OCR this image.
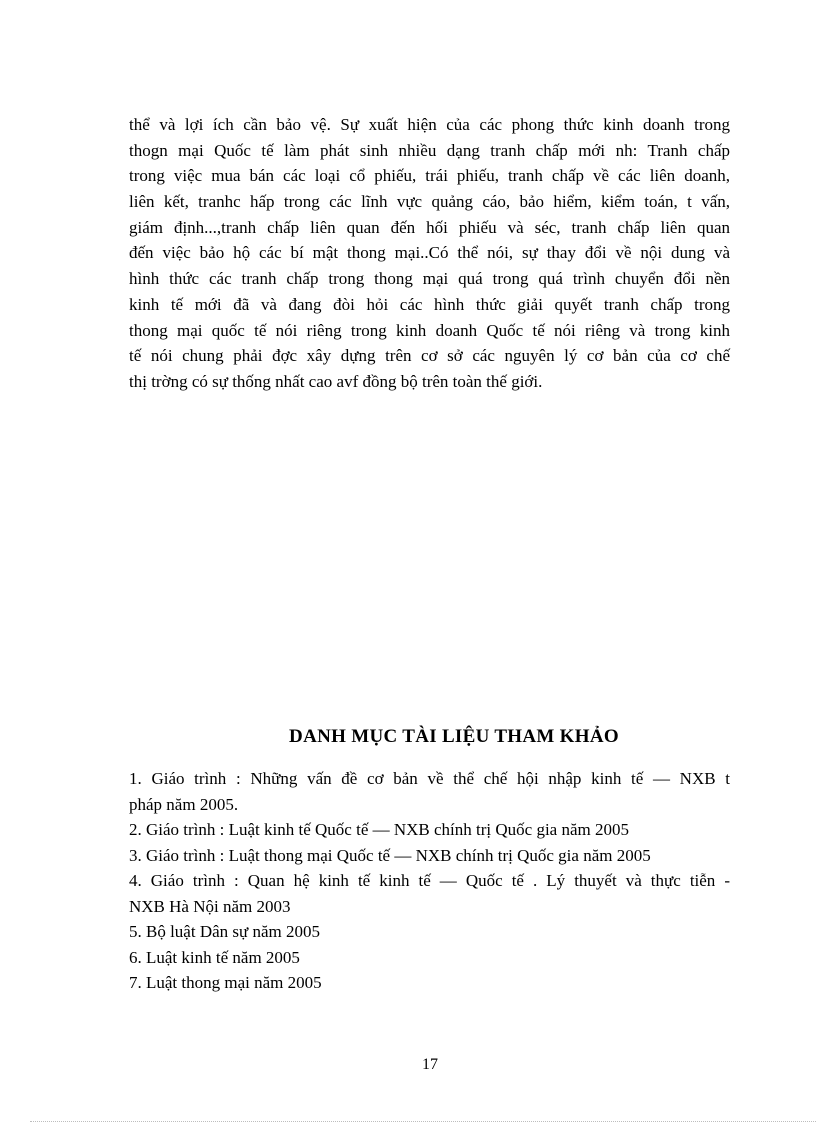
thể và lợi ích cần bảo vệ. Sự xuất hiện của các phong thức kinh doanh trong
thogn mại Quốc tế làm phát sinh nhiều dạng tranh chấp mới nh: Tranh chấp
trong việc mua bán các loại cổ phiếu, trái phiếu, tranh chấp về các liên doanh,
liên kết, tranhc hấp trong các lĩnh vực quảng cáo, bảo hiểm, kiểm toán, t vấn,
giám định...,tranh chấp liên quan đến hối phiếu và séc, tranh chấp liên quan
đến việc bảo hộ các bí mật thong mại..Có thể nói, sự thay đổi về nội dung và
hình thức các tranh chấp trong thong mại quá trong quá trình chuyển đổi nền
kinh tế mới đã và đang đòi hỏi các hình thức giải quyết tranh chấp trong
thong mại quốc tế nói riêng trong kinh doanh Quốc tế nói riêng và trong kinh
tế nói chung phải đợc xây dựng trên cơ sở các nguyên lý cơ bản của cơ chế
thị trờng có sự thống nhất cao avf đồng bộ trên toàn thế giới.
DANH MỤC TÀI LIỆU THAM KHẢO
1. Giáo trình : Những vấn đề cơ bản về thể chế hội nhập kinh tế — NXB t
pháp năm 2005.
2. Giáo trình : Luật kinh tế Quốc tế — NXB chính trị Quốc gia năm 2005
3. Giáo trình : Luật thong mại Quốc tế — NXB chính trị Quốc gia năm 2005
4. Giáo trình : Quan hệ kinh tế kinh tế — Quốc tế . Lý thuyết và thực tiễn -
NXB Hà Nội năm 2003
5. Bộ luật Dân sự năm 2005
6. Luật kinh tế năm 2005
7. Luật thong mại năm 2005
17
